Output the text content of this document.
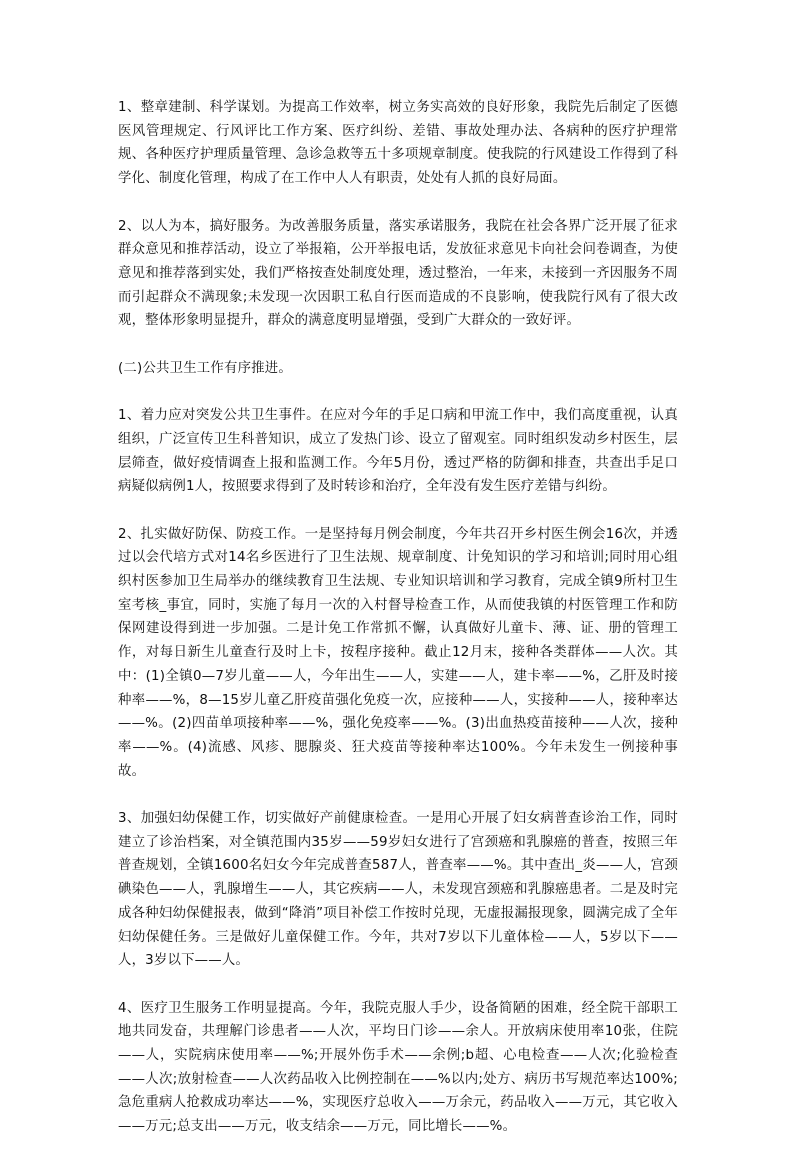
1、整章建制、科学谋划。为提高工作效率，树立务实高效的良好形象，我院先后制定了医德医风管理规定、行风评比工作方案、医疗纠纷、差错、事故处理办法、各病种的医疗护理常规、各种医疗护理质量管理、急诊急救等五十多项规章制度。使我院的行风建设工作得到了科学化、制度化管理，构成了在工作中人人有职责，处处有人抓的良好局面。

2、以人为本，搞好服务。为改善服务质量，落实承诺服务，我院在社会各界广泛开展了征求群众意见和推荐活动，设立了举报箱，公开举报电话，发放征求意见卡向社会问卷调查，为使意见和推荐落到实处，我们严格按查处制度处理，透过整治，一年来，未接到一齐因服务不周而引起群众不满现象;未发现一次因职工私自行医而造成的不良影响，使我院行风有了很大改观，整体形象明显提升，群众的满意度明显增强，受到广大群众的一致好评。

(二)公共卫生工作有序推进。

1、着力应对突发公共卫生事件。在应对今年的手足口病和甲流工作中，我们高度重视，认真组织，广泛宣传卫生科普知识，成立了发热门诊、设立了留观室。同时组织发动乡村医生，层层筛查，做好疫情调查上报和监测工作。今年5月份，透过严格的防御和排查，共查出手足口病疑似病例1人，按照要求得到了及时转诊和治疗，全年没有发生医疗差错与纠纷。

2、扎实做好防保、防疫工作。一是坚持每月例会制度，今年共召开乡村医生例会16次，并透过以会代培方式对14名乡医进行了卫生法规、规章制度、计免知识的学习和培训;同时用心组织村医参加卫生局举办的继续教育卫生法规、专业知识培训和学习教育，完成全镇9所村卫生室考核_事宜，同时，实施了每月一次的入村督导检查工作，从而使我镇的村医管理工作和防保网建设得到进一步加强。二是计免工作常抓不懈，认真做好儿童卡、薄、证、册的管理工作，对每日新生儿童查行及时上卡，按程序接种。截止12月末，接种各类群体——人次。其中：(1)全镇0—7岁儿童——人，今年出生——人，实建——人，建卡率——%，乙肝及时接种率——%，8—15岁儿童乙肝疫苗强化免疫一次，应接种——人，实接种——人，接种率达——%。(2)四苗单项接种率——%，强化免疫率——%。(3)出血热疫苗接种——人次，接种率——%。(4)流感、风疹、腮腺炎、狂犬疫苗等接种率达100%。今年未发生一例接种事故。

3、加强妇幼保健工作，切实做好产前健康检查。一是用心开展了妇女病普查诊治工作，同时建立了诊治档案，对全镇范围内35岁——59岁妇女进行了宫颈癌和乳腺癌的普查，按照三年普查规划，全镇1600名妇女今年完成普查587人，普查率——%。其中查出_炎——人，宫颈碘染色——人，乳腺增生——人，其它疾病——人，未发现宫颈癌和乳腺癌患者。二是及时完成各种妇幼保健报表，做到“降消”项目补偿工作按时兑现，无虚报漏报现象，圆满完成了全年妇幼保健任务。三是做好儿童保健工作。今年，共对7岁以下儿童体检——人，5岁以下——人，3岁以下——人。

4、医疗卫生服务工作明显提高。今年，我院克服人手少，设备简陋的困难，经全院干部职工地共同发奋，共理解门诊患者——人次，平均日门诊——余人。开放病床使用率10张，住院——人，实院病床使用率——%;开展外伤手术——余例;b超、心电检查——人次;化验检查——人次;放射检查——人次药品收入比例控制在——%以内;处方、病历书写规范率达100%;急危重病人抢救成功率达——%，实现医疗总收入——万余元，药品收入——万元，其它收入——万元;总支出——万元，收支结余——万元，同比增长——%。
